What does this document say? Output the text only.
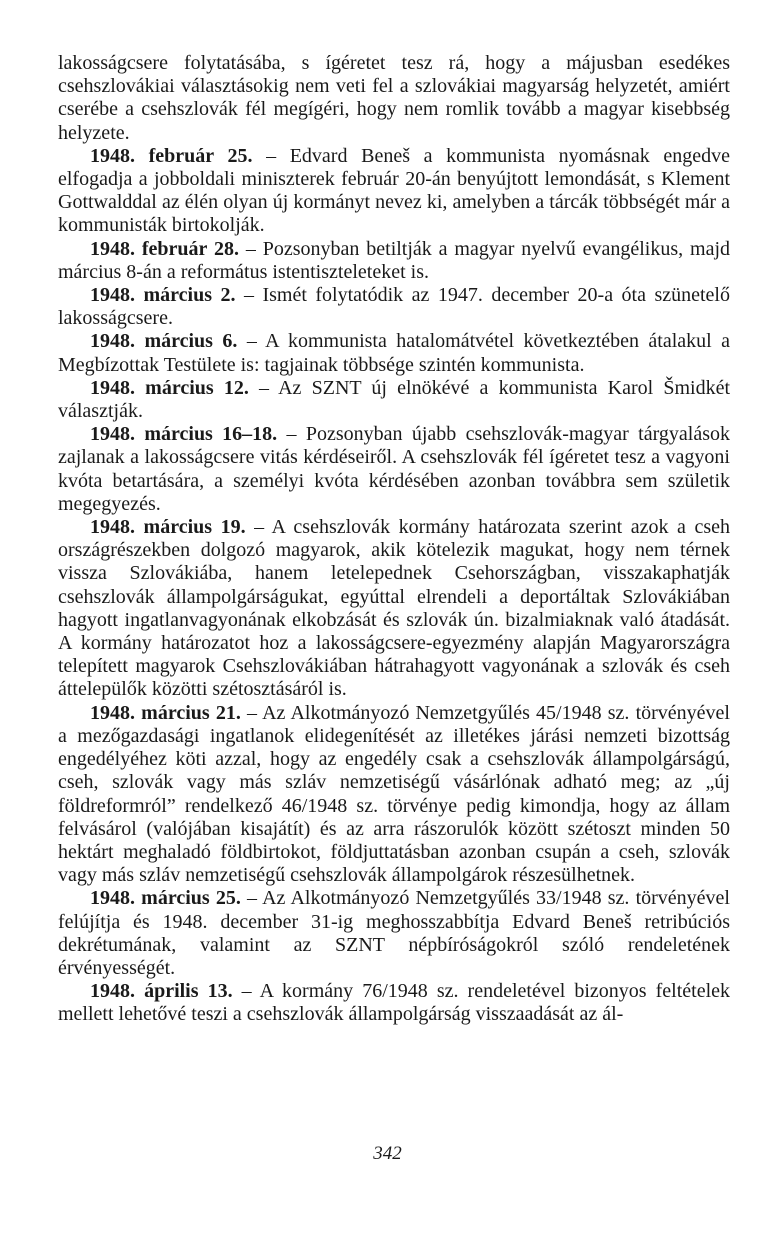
lakosságcsere folytatásába, s ígéretet tesz rá, hogy a májusban esedékes csehszlovákiai választásokig nem veti fel a szlovákiai magyarság helyzetét, amiért cserébe a csehszlovák fél megígéri, hogy nem romlik tovább a magyar kisebbség helyzete.

1948. február 25. – Edvard Beneš a kommunista nyomásnak engedve elfogadja a jobboldali miniszterek február 20-án benyújtott lemondását, s Klement Gottwalddal az élén olyan új kormányt nevez ki, amelyben a tárcák többségét már a kommunisták birtokolják.

1948. február 28. – Pozsonyban betiltják a magyar nyelvű evangélikus, majd március 8-án a református istentiszteleteket is.

1948. március 2. – Ismét folytatódik az 1947. december 20-a óta szünetelő lakosságcsere.

1948. március 6. – A kommunista hatalomátvétel következtében átalakul a Megbízottak Testülete is: tagjainak többsége szintén kommunista.

1948. március 12. – Az SZNT új elnökévé a kommunista Karol Šmidkét választják.

1948. március 16–18. – Pozsonyban újabb csehszlovák-magyar tárgyalások zajlanak a lakosságcsere vitás kérdéseiről. A csehszlovák fél ígéretet tesz a vagyoni kvóta betartására, a személyi kvóta kérdésében azonban továbbra sem születik megegyezés.

1948. március 19. – A csehszlovák kormány határozata szerint azok a cseh országrészekben dolgozó magyarok, akik kötelezik magukat, hogy nem térnek vissza Szlovákiába, hanem letelepednek Csehországban, visszakaphatják csehszlovák állampolgárságukat, egyúttal elrendeli a deportáltak Szlovákiában hagyott ingatlanvagyonának elkobzását és szlovák ún. bizalmiaknak való átadását. A kormány határozatot hoz a lakosságcsere-egyezmény alapján Magyarországra telepített magyarok Csehszlovákiában hátrahagyott vagyonának a szlovák és cseh áttelepülők közötti szétosztásáról is.

1948. március 21. – Az Alkotmányozó Nemzetgyűlés 45/1948 sz. törvényével a mezőgazdasági ingatlanok elidegenítését az illetékes járási nemzeti bizottság engedélyéhez köti azzal, hogy az engedély csak a csehszlovák állampolgárságú, cseh, szlovák vagy más szláv nemzetiségű vásárlónak adható meg; az „új földreformról” rendelkező 46/1948 sz. törvénye pedig kimondja, hogy az állam felvásárol (valójában kisajátít) és az arra rászorulók között szétoszt minden 50 hektárt meghaladó földbirtokot, földjuttatásban azonban csupán a cseh, szlovák vagy más szláv nemzetiségű csehszlovák állampolgárok részesülhetnek.

1948. március 25. – Az Alkotmányozó Nemzetgyűlés 33/1948 sz. törvényével felújítja és 1948. december 31-ig meghosszabbítja Edvard Beneš retribúciós dekrétumának, valamint az SZNT népbíróságokról szóló rendeletének érvényességét.

1948. április 13. – A kormány 76/1948 sz. rendeletével bizonyos feltételek mellett lehetővé teszi a csehszlovák állampolgárság visszaadását az ál-

342
